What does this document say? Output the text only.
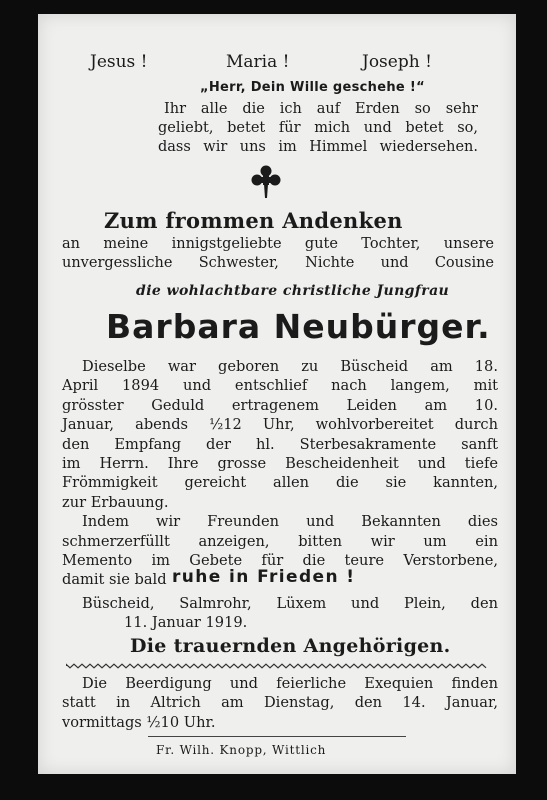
Jesus !	Maria !	Joseph !
„Herr, Dein Wille geschehe !“
Ihr alle die ich auf Erden so sehr
geliebt, betet für mich und betet so,
dass wir uns im Himmel wiedersehen.
Zum frommen Andenken
an meine innigstgeliebte gute Tochter, unsere
unvergessliche Schwester, Nichte und Cousine
die wohlachtbare christliche Jungfrau
Barbara Neubürger.
Dieselbe war geboren zu Büscheid am 18.
April 1894 und entschlief nach langem, mit
grösster Geduld ertragenem Leiden am 10.
Januar, abends ½12 Uhr, wohlvorbereitet durch
den Empfang der hl. Sterbesakramente sanft
im Herrn. Ihre grosse Bescheidenheit und tiefe
Frömmigkeit gereicht allen die sie kannten,
zur Erbauung.
Indem wir Freunden und Bekannten dies
schmerzerfüllt anzeigen, bitten wir um ein
Memento im Gebete für die teure Verstorbene,
damit sie bald ruhe in Frieden !
Büscheid, Salmrohr, Lüxem und Plein, den
11. Januar 1919.
Die trauernden Angehörigen.
Die Beerdigung und feierliche Exequien finden
statt in Altrich am Dienstag, den 14. Januar,
vormittags ½10 Uhr.
Fr. Wilh. Knopp, Wittlich
